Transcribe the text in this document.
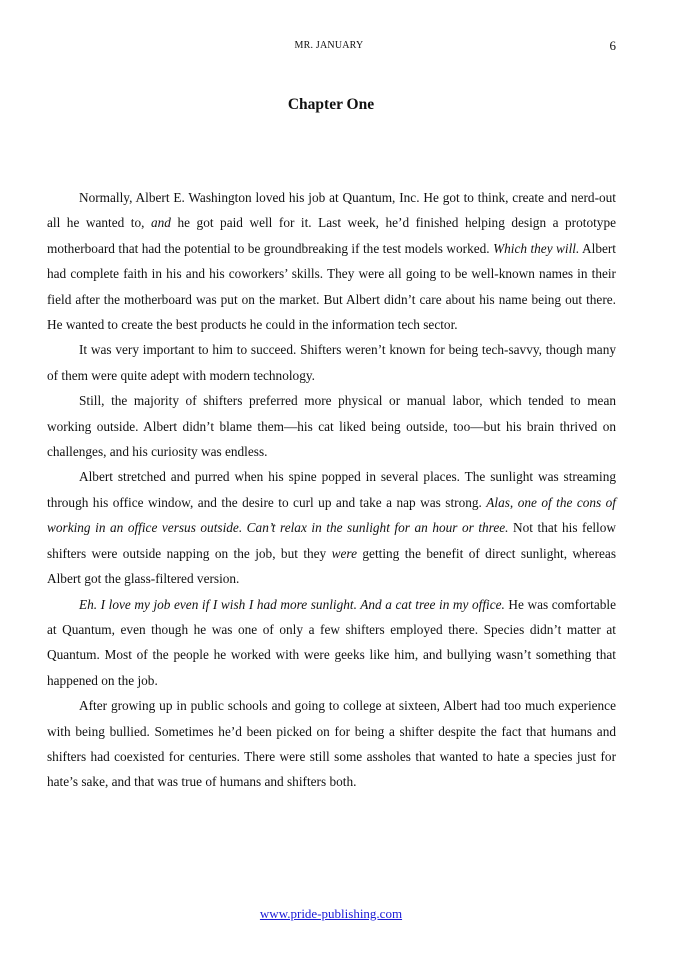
MR. JANUARY	6
Chapter One

Normally, Albert E. Washington loved his job at Quantum, Inc. He got to think, create and nerd-out all he wanted to, and he got paid well for it. Last week, he’d finished helping design a prototype motherboard that had the potential to be groundbreaking if the test models worked. Which they will. Albert had complete faith in his and his coworkers’ skills. They were all going to be well-known names in their field after the motherboard was put on the market. But Albert didn’t care about his name being out there. He wanted to create the best products he could in the information tech sector.

It was very important to him to succeed. Shifters weren’t known for being tech-savvy, though many of them were quite adept with modern technology.

Still, the majority of shifters preferred more physical or manual labor, which tended to mean working outside. Albert didn’t blame them—his cat liked being outside, too—but his brain thrived on challenges, and his curiosity was endless.

Albert stretched and purred when his spine popped in several places. The sunlight was streaming through his office window, and the desire to curl up and take a nap was strong. Alas, one of the cons of working in an office versus outside. Can’t relax in the sunlight for an hour or three. Not that his fellow shifters were outside napping on the job, but they were getting the benefit of direct sunlight, whereas Albert got the glass-filtered version.

Eh. I love my job even if I wish I had more sunlight. And a cat tree in my office. He was comfortable at Quantum, even though he was one of only a few shifters employed there. Species didn’t matter at Quantum. Most of the people he worked with were geeks like him, and bullying wasn’t something that happened on the job.

After growing up in public schools and going to college at sixteen, Albert had too much experience with being bullied. Sometimes he’d been picked on for being a shifter despite the fact that humans and shifters had coexisted for centuries. There were still some assholes that wanted to hate a species just for hate’s sake, and that was true of humans and shifters both.

www.pride-publishing.com
